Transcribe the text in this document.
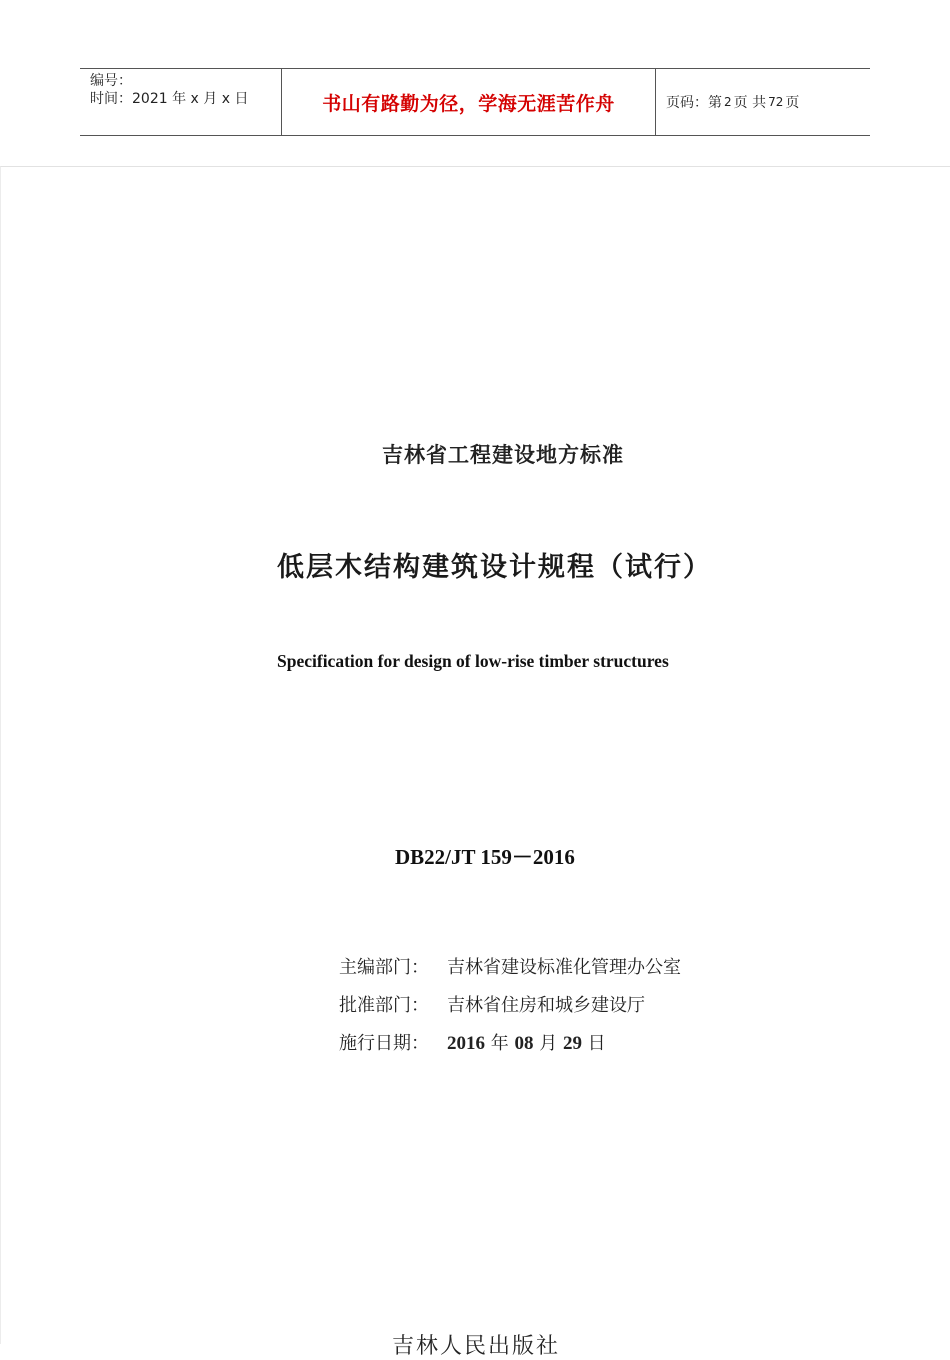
编号：
时间：2021 年 x 月 x 日	书山有路勤为径，学海无涯苦作舟	页码：第 2 页 共 72 页
吉林省工程建设地方标准
低层木结构建筑设计规程（试行）
Specification for design of low-rise timber structures
DB22/JT 159－2016
主编部门： 吉林省建设标准化管理办公室
批准部门： 吉林省住房和城乡建设厅
施行日期： 2016 年 08 月 29 日
吉林人民出版社
